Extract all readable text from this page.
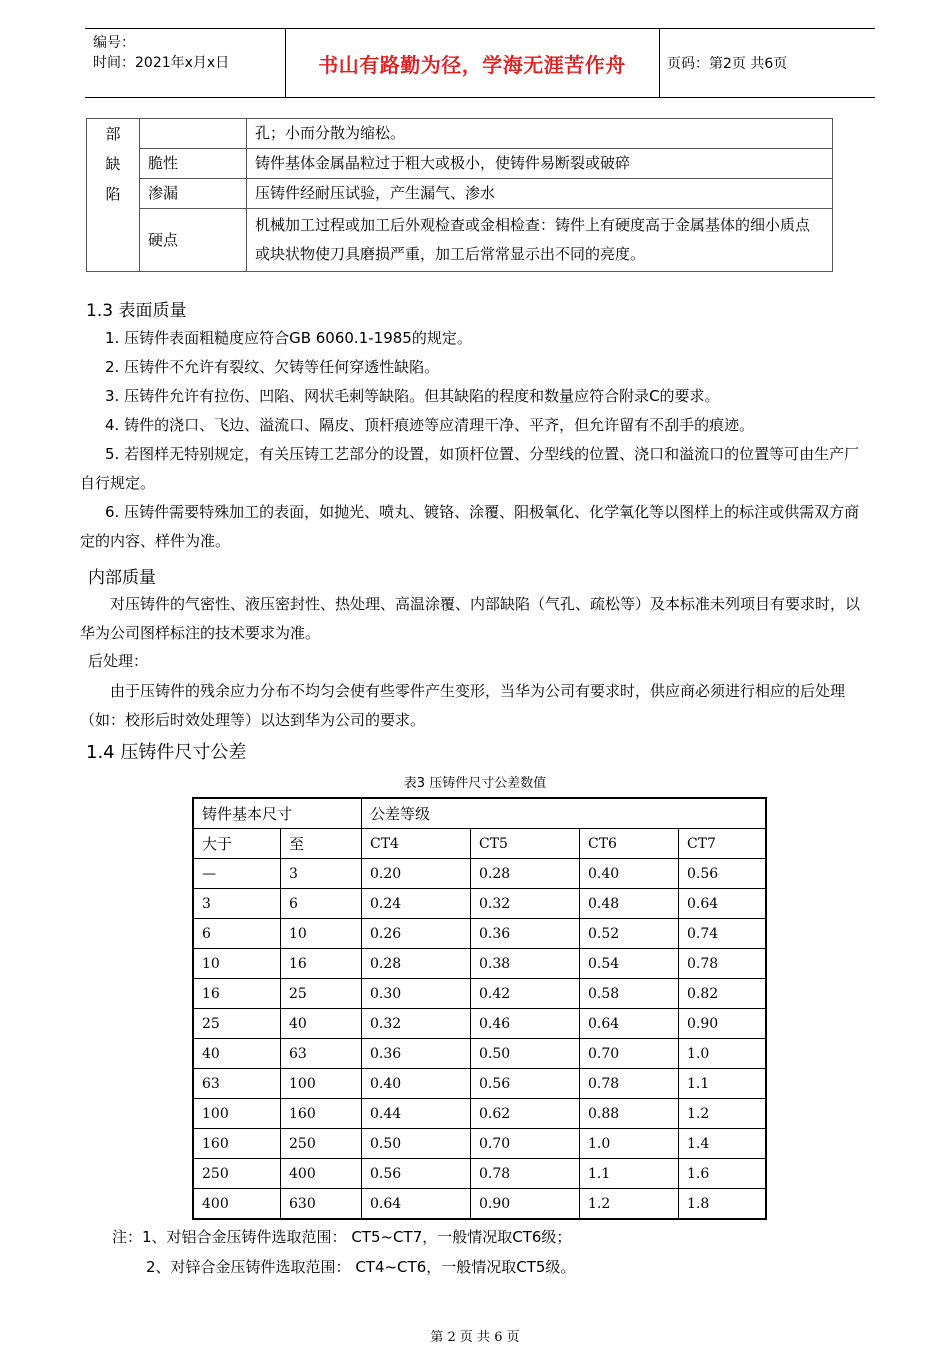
编号：
时间：2021年x月x日	书山有路勤为径，学海无涯苦作舟	页码：第2页 共6页
部缺陷		孔；小而分散为缩松。
	脆性	铸件基体金属晶粒过于粗大或极小，使铸件易断裂或破碎
	渗漏	压铸件经耐压试验，产生漏气、渗水
	硬点	机械加工过程或加工后外观检查或金相检查：铸件上有硬度高于金属基体的细小质点或块状物使刀具磨损严重，加工后常常显示出不同的亮度。
1.3 表面质量
1. 压铸件表面粗糙度应符合GB 6060.1-1985的规定。
2. 压铸件不允许有裂纹、欠铸等任何穿透性缺陷。
3. 压铸件允许有拉伤、凹陷、网状毛刺等缺陷。但其缺陷的程度和数量应符合附录C的要求。
4. 铸件的浇口、飞边、溢流口、隔皮、顶杆痕迹等应清理干净、平齐，但允许留有不刮手的痕迹。
5. 若图样无特别规定，有关压铸工艺部分的设置，如顶杆位置、分型线的位置、浇口和溢流口的位置等可由生产厂自行规定。
6. 压铸件需要特殊加工的表面，如抛光、喷丸、镀铬、涂覆、阳极氧化、化学氧化等以图样上的标注或供需双方商定的内容、样件为准。
内部质量
对压铸件的气密性、液压密封性、热处理、高温涂覆、内部缺陷（气孔、疏松等）及本标准未列项目有要求时，以华为公司图样标注的技术要求为准。
后处理：
由于压铸件的残余应力分布不均匀会使有些零件产生变形，当华为公司有要求时，供应商必须进行相应的后处理（如：校形后时效处理等）以达到华为公司的要求。
1.4 压铸件尺寸公差
表3 压铸件尺寸公差数值
铸件基本尺寸		公差等级			
大于	至	CT4	CT5	CT6	CT7
—	3	0.20	0.28	0.40	0.56
3	6	0.24	0.32	0.48	0.64
6	10	0.26	0.36	0.52	0.74
10	16	0.28	0.38	0.54	0.78
16	25	0.30	0.42	0.58	0.82
25	40	0.32	0.46	0.64	0.90
40	63	0.36	0.50	0.70	1.0
63	100	0.40	0.56	0.78	1.1
100	160	0.44	0.62	0.88	1.2
160	250	0.50	0.70	1.0	1.4
250	400	0.56	0.78	1.1	1.6
400	630	0.64	0.90	1.2	1.8
注：1、对铝合金压铸件选取范围： CT5~CT7，一般情况取CT6级；
2、对锌合金压铸件选取范围： CT4~CT6，一般情况取CT5级。
第 2 页 共 6 页
